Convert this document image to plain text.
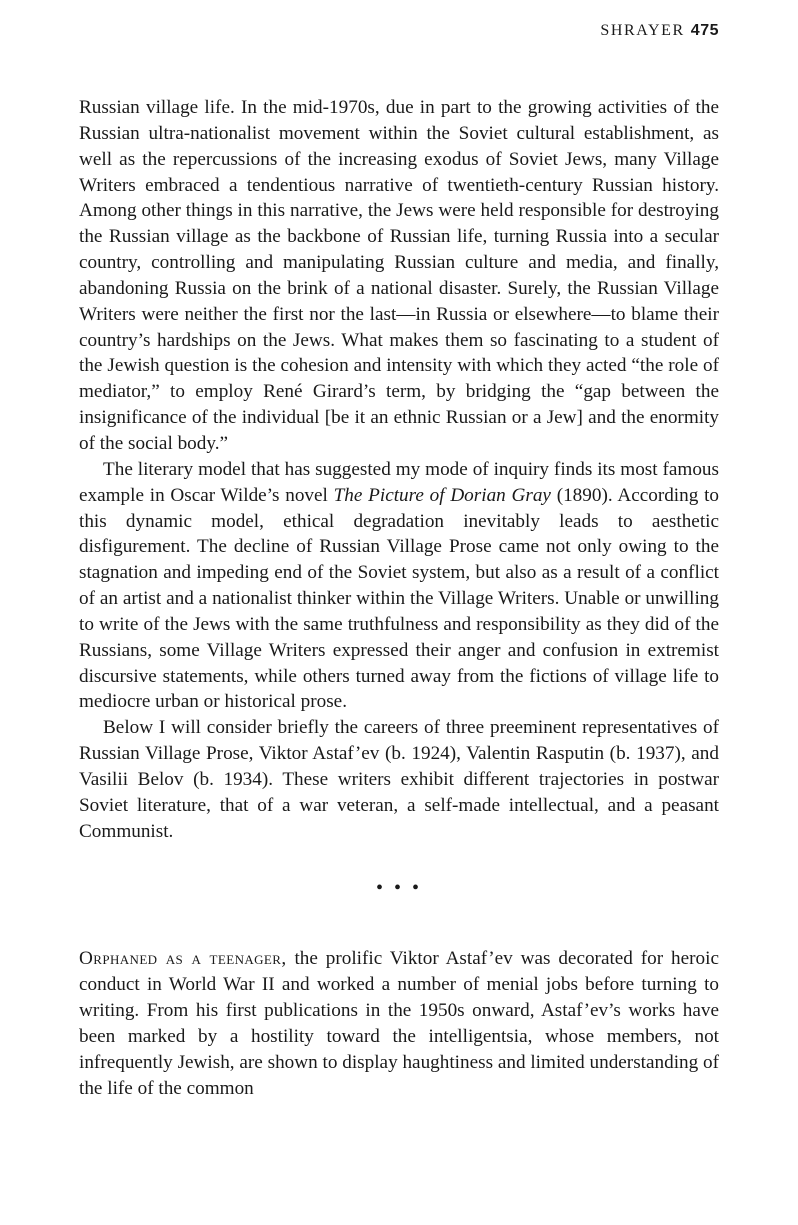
SHRAYER 475

Russian village life. In the mid-1970s, due in part to the growing activities of the Russian ultra-nationalist movement within the Soviet cultural establishment, as well as the repercussions of the increasing exodus of Soviet Jews, many Village Writers embraced a tendentious narrative of twentieth-century Russian history. Among other things in this narrative, the Jews were held responsible for destroying the Russian village as the backbone of Russian life, turning Russia into a secular country, controlling and manipulating Russian culture and media, and finally, abandoning Russia on the brink of a national disaster. Surely, the Russian Village Writers were neither the first nor the last—in Russia or elsewhere—to blame their country’s hardships on the Jews. What makes them so fascinating to a student of the Jewish question is the cohesion and intensity with which they acted “the role of mediator,” to employ René Girard’s term, by bridging the “gap between the insignificance of the individual [be it an ethnic Russian or a Jew] and the enormity of the social body.”

The literary model that has suggested my mode of inquiry finds its most famous example in Oscar Wilde’s novel The Picture of Dorian Gray (1890). According to this dynamic model, ethical degradation inevitably leads to aesthetic disfigurement. The decline of Russian Village Prose came not only owing to the stagnation and impeding end of the Soviet system, but also as a result of a conflict of an artist and a nationalist thinker within the Village Writers. Unable or unwilling to write of the Jews with the same truthfulness and responsibility as they did of the Russians, some Village Writers expressed their anger and confusion in extremist discursive statements, while others turned away from the fictions of village life to mediocre urban or historical prose.

Below I will consider briefly the careers of three preeminent representatives of Russian Village Prose, Viktor Astaf’ev (b. 1924), Valentin Rasputin (b. 1937), and Vasilii Belov (b. 1934). These writers exhibit different trajectories in postwar Soviet literature, that of a war veteran, a self-made intellectual, and a peasant Communist.

• • •

Orphaned as a teenager, the prolific Viktor Astaf’ev was decorated for heroic conduct in World War II and worked a number of menial jobs before turning to writing. From his first publications in the 1950s onward, Astaf’ev’s works have been marked by a hostility toward the intelligentsia, whose members, not infrequently Jewish, are shown to display haughtiness and limited understanding of the life of the common
